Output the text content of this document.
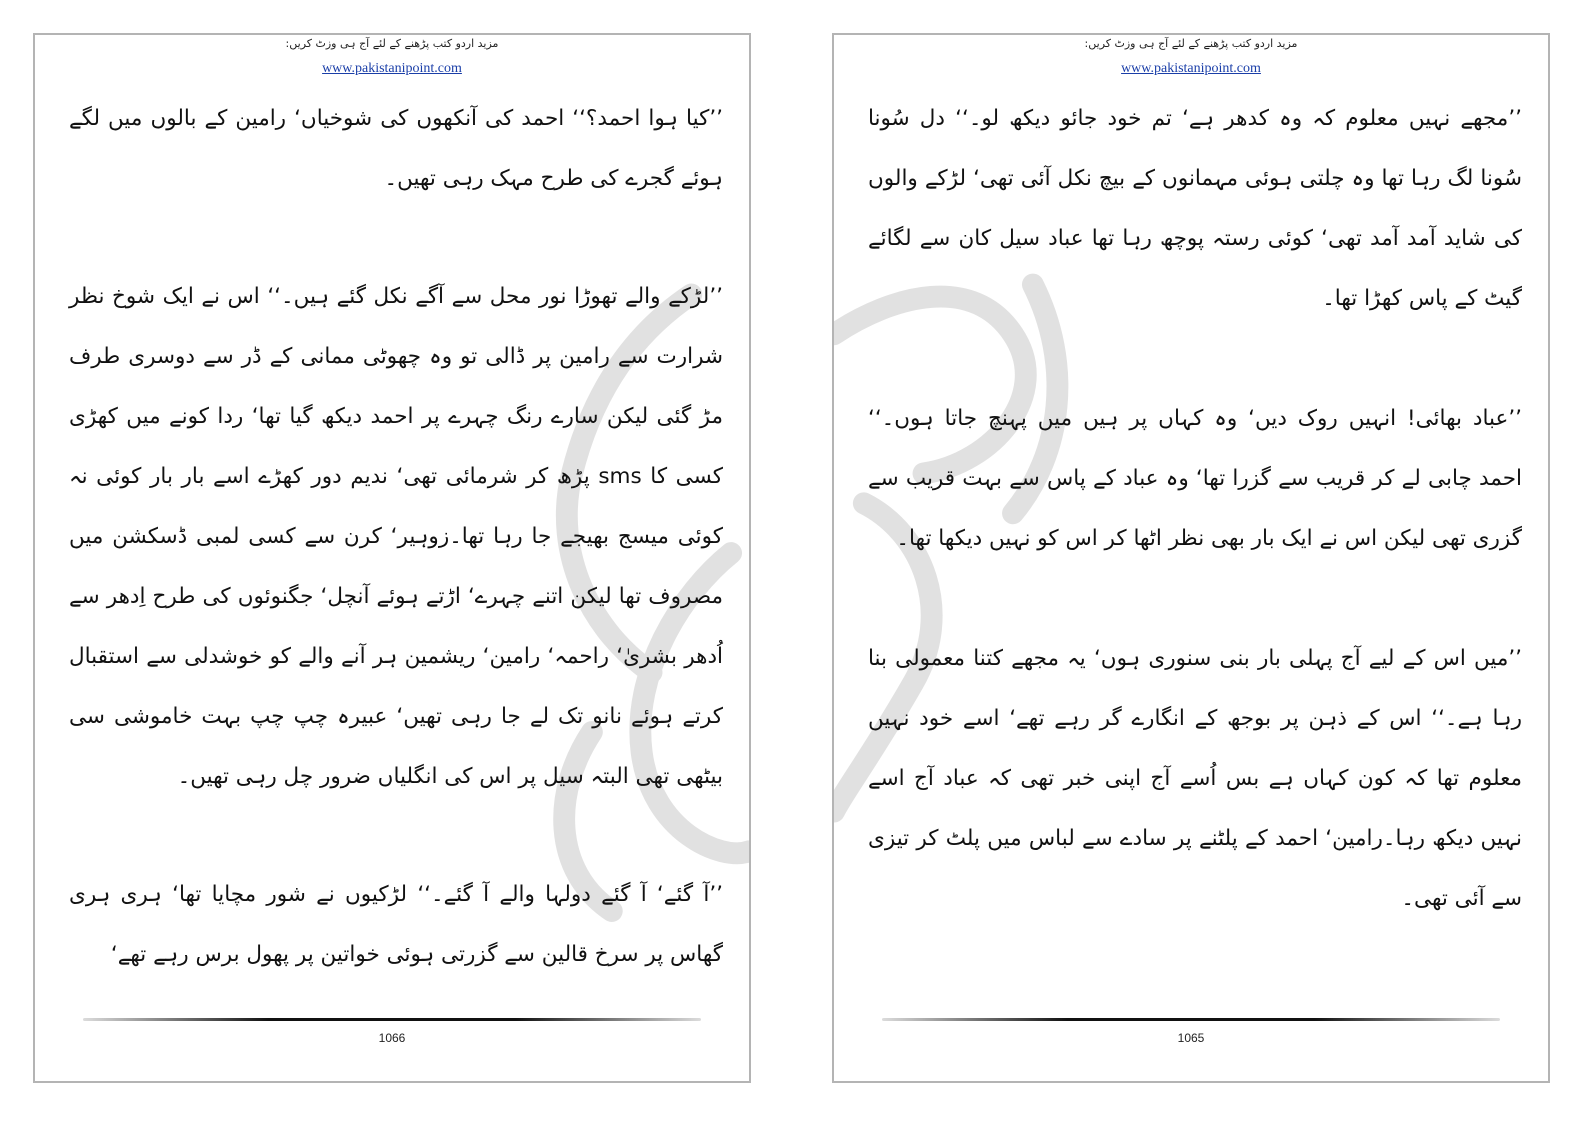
مزید اردو کتب پڑھنے کے لئے آج ہی وزٹ کریں:
www.pakistanipoint.com

’’کیا ہوا احمد؟‘‘ احمد کی آنکھوں کی شوخیاں‘ رامین کے بالوں میں لگے ہوئے گجرے کی طرح مہک رہی تھیں۔

’’لڑکے والے تھوڑا نور محل سے آگے نکل گئے ہیں۔‘‘ اس نے ایک شوخ نظر شرارت سے رامین پر ڈالی تو وہ چھوٹی ممانی کے ڈر سے دوسری طرف مڑ گئی لیکن سارے رنگ چہرے پر احمد دیکھ گیا تھا‘ ردا کونے میں کھڑی کسی کا sms پڑھ کر شرمائی تھی‘ ندیم دور کھڑے اسے بار بار کوئی نہ کوئی میسج بھیجے جا رہا تھا۔زوہیر‘ کرن سے کسی لمبی ڈسکشن میں مصروف تھا لیکن اتنے چہرے‘ اڑتے ہوئے آنچل‘ جگنوئوں کی طرح اِدھر سے اُدھر بشریٰ‘ راحمہ‘ رامین‘ ریشمین ہر آنے والے کو خوشدلی سے استقبال کرتے ہوئے نانو تک لے جا رہی تھیں‘ عبیرہ چپ چپ بہت خاموشی سی بیٹھی تھی البتہ سیل پر اس کی انگلیاں ضرور چل رہی تھیں۔

’’آ گئے‘ آ گئے دولہا والے آ گئے۔‘‘ لڑکیوں نے شور مچایا تھا‘ ہری ہری گھاس پر سرخ قالین سے گزرتی ہوئی خواتین پر پھول برس رہے تھے‘

1066
مزید اردو کتب پڑھنے کے لئے آج ہی وزٹ کریں:
www.pakistanipoint.com

’’مجھے نہیں معلوم کہ وہ کدھر ہے‘ تم خود جائو دیکھ لو۔‘‘ دل سُونا سُونا لگ رہا تھا وہ چلتی ہوئی مہمانوں کے بیچ نکل آئی تھی‘ لڑکے والوں کی شاید آمد آمد تھی‘ کوئی رستہ پوچھ رہا تھا عباد سیل کان سے لگائے گیٹ کے پاس کھڑا تھا۔

’’عباد بھائی! انہیں روک دیں‘ وہ کہاں پر ہیں میں پہنچ جاتا ہوں۔‘‘ احمد چابی لے کر قریب سے گزرا تھا‘ وہ عباد کے پاس سے بہت قریب سے گزری تھی لیکن اس نے ایک بار بھی نظر اٹھا کر اس کو نہیں دیکھا تھا۔

’’میں اس کے لیے آج پہلی بار بنی سنوری ہوں‘ یہ مجھے کتنا معمولی بنا رہا ہے۔‘‘ اس کے ذہن پر بوجھ کے انگارے گر رہے تھے‘ اسے خود نہیں معلوم تھا کہ کون کہاں ہے بس اُسے آج اپنی خبر تھی کہ عباد آج اسے نہیں دیکھ رہا۔رامین‘ احمد کے پلٹنے پر سادے سے لباس میں پلٹ کر تیزی سے آئی تھی۔

1065
